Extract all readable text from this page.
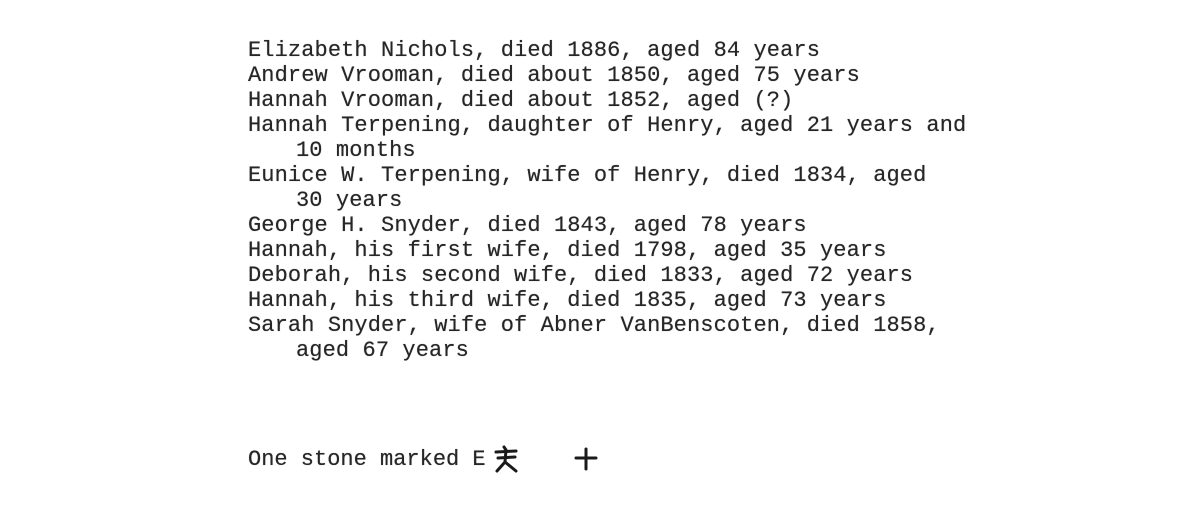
Elizabeth Nichols, died 1886, aged 84 years
Andrew Vrooman, died about 1850, aged 75 years
Hannah Vrooman, died about 1852, aged (?)
Hannah Terpening, daughter of Henry, aged 21 years and
10 months
Eunice W. Terpening, wife of Henry, died 1834, aged
30 years
George H. Snyder, died 1843, aged 78 years
Hannah, his first wife, died 1798, aged 35 years
Deborah, his second wife, died 1833, aged 72 years
Hannah, his third wife, died 1835, aged 73 years
Sarah Snyder, wife of Abner VanBenscoten, died 1858,
aged 67 years
One stone marked E
